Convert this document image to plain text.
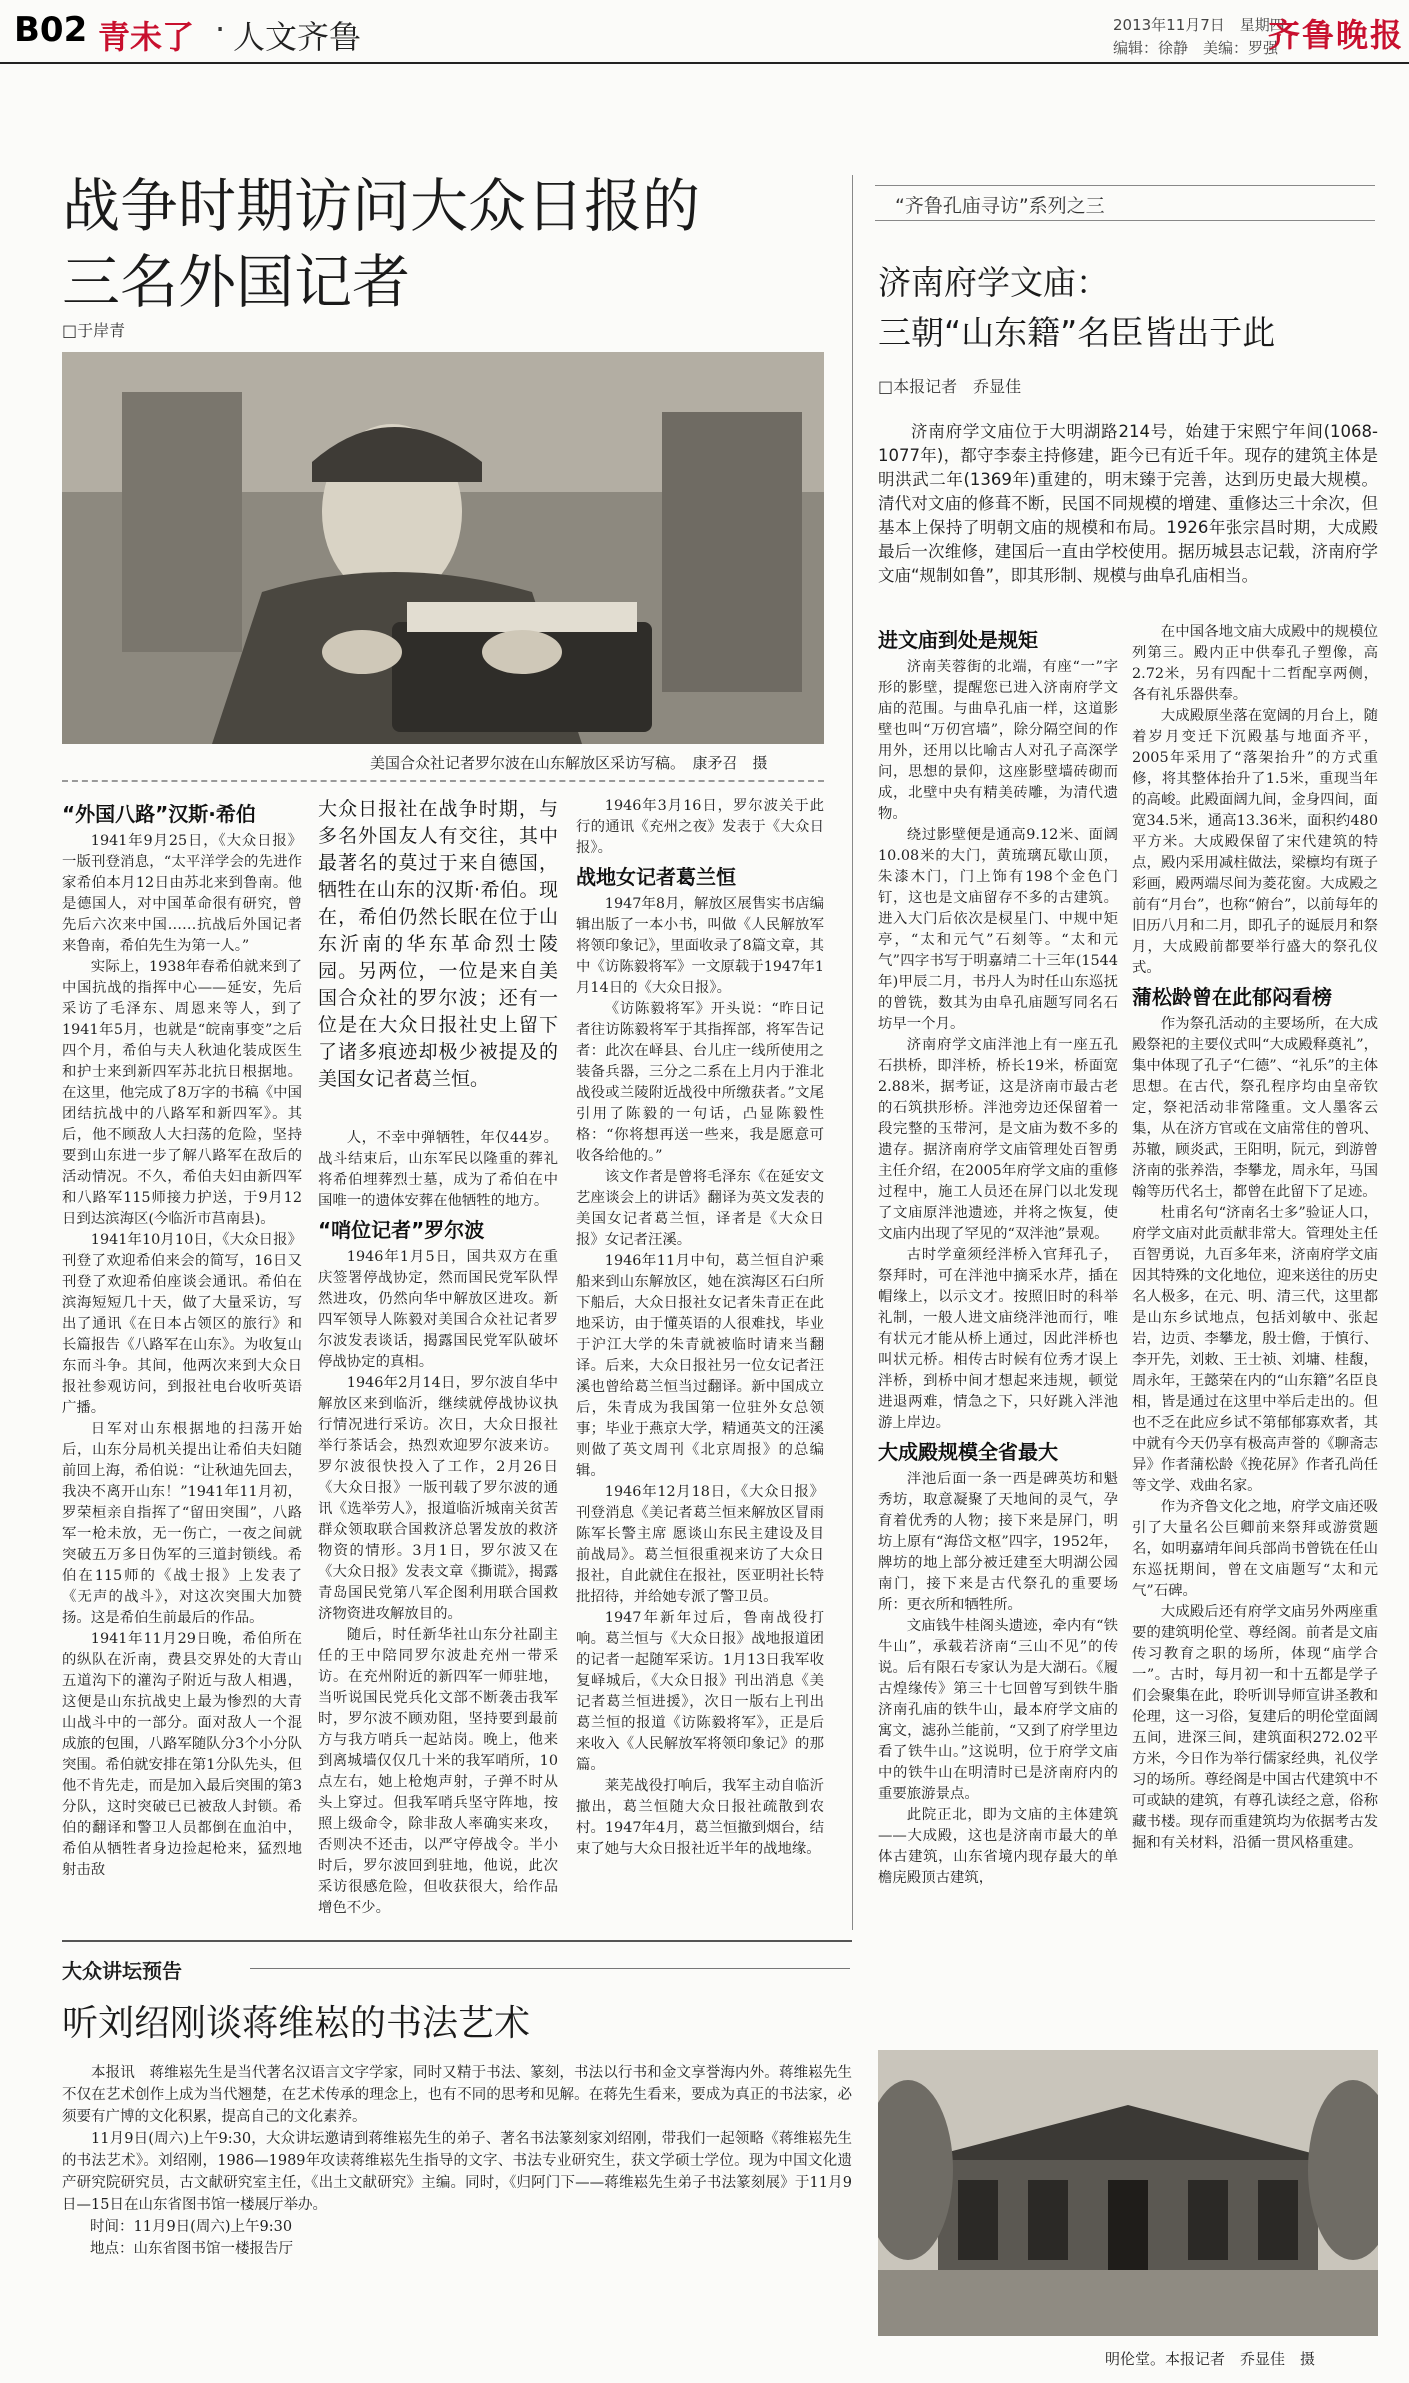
B02 青未了 · 人文齐鲁	2013年11月7日　星期四
编辑：徐静　美编：罗强
齐鲁晚报
战争时期访问大众日报的
三名外国记者
□于岸青
美国合众社记者罗尔波在山东解放区采访写稿。　康矛召　摄
“外国八路”汉斯·希伯

1941年9月25日，《大众日报》一版刊登消息，“太平洋学会的先进作家希伯本月12日由苏北来到鲁南。他是德国人，对中国革命很有研究，曾先后六次来中国……抗战后外国记者来鲁南，希伯先生为第一人。”

实际上，1938年春希伯就来到了中国抗战的指挥中心——延安，先后采访了毛泽东、周恩来等人，到了1941年5月，也就是“皖南事变”之后四个月，希伯与夫人秋迪化装成医生和护士来到新四军苏北抗日根据地。在这里，他完成了8万字的书稿《中国团结抗战中的八路军和新四军》。其后，他不顾敌人大扫荡的危险，坚持要到山东进一步了解八路军在敌后的活动情况。不久，希伯夫妇由新四军和八路军115师接力护送，于9月12日到达滨海区(今临沂市莒南县)。

1941年10月10日，《大众日报》刊登了欢迎希伯来会的简写，16日又刊登了欢迎希伯座谈会通讯。希伯在滨海短短几十天，做了大量采访，写出了通讯《在日本占领区的旅行》和长篇报告《八路军在山东》。为收复山东而斗争。其间，他两次来到大众日报社参观访问，到报社电台收听英语广播。

日军对山东根据地的扫荡开始后，山东分局机关提出让希伯夫妇随前回上海，希伯说：“让秋迪先回去，我决不离开山东！”1941年11月初，罗荣桓亲自指挥了“留田突围”，八路军一枪未放，无一伤亡，一夜之间就突破五万多日伪军的三道封锁线。希伯在115师的《战士报》上发表了《无声的战斗》，对这次突围大加赞扬。这是希伯生前最后的作品。

1941年11月29日晚，希伯所在的纵队在沂南，费县交界处的大青山五道沟下的灌沟子附近与敌人相遇，这便是山东抗战史上最为惨烈的大青山战斗中的一部分。面对敌人一个混成旅的包围，八路军随队分3个小分队突围。希伯就安排在第1分队先头，但他不肯先走，而是加入最后突围的第3分队，这时突破已已被敌人封锁。希伯的翻译和警卫人员都倒在血泊中，希伯从牺牲者身边捡起枪来，猛烈地射击敌

大众日报社在战争时期，与多名外国友人有交往，其中最著名的莫过于来自德国，牺牲在山东的汉斯·希伯。现在，希伯仍然长眠在位于山东沂南的华东革命烈士陵园。另两位，一位是来自美国合众社的罗尔波；还有一位是在大众日报社史上留下了诸多痕迹却极少被提及的美国女记者葛兰恒。

人，不幸中弹牺牲，年仅44岁。战斗结束后，山东军民以隆重的葬礼将希伯埋葬烈士墓，成为了希伯在中国唯一的遗体安葬在他牺牲的地方。

“哨位记者”罗尔波

1946年1月5日，国共双方在重庆签署停战协定，然而国民党军队悍然进攻，仍然向华中解放区进攻。新四军领导人陈毅对美国合众社记者罗尔波发表谈话，揭露国民党军队破坏停战协定的真相。

1946年2月14日，罗尔波自华中解放区来到临沂，继续就停战协议执行情况进行采访。次日，大众日报社举行茶话会，热烈欢迎罗尔波来访。罗尔波很快投入了工作，2月26日《大众日报》一版刊载了罗尔波的通讯《选举劳人》，报道临沂城南关贫苦群众领取联合国救济总署发放的救济物资的情形。3月1日，罗尔波又在《大众日报》发表文章《撕谎》，揭露青岛国民党第八军企图利用联合国救济物资进攻解放目的。

随后，时任新华社山东分社副主任的王中陪同罗尔波赴充州一带采访。在充州附近的新四军一师驻地，当听说国民党兵化文部不断袭击我军时，罗尔波不顾劝阻，坚持要到最前方与我方哨兵一起站岗。晚上，他来到离城墙仅仅几十米的我军哨所，10点左右，她上枪炮声射，子弹不时从头上穿过。但我军哨兵坚守阵地，按照上级命令，除非敌人率确实来攻，否则决不还击，以严守停战令。半小时后，罗尔波回到驻地，他说，此次采访很感危险，但收获很大，给作品增色不少。

1946年3月16日，罗尔波关于此行的通讯《充州之夜》发表于《大众日报》。

战地女记者葛兰恒

1947年8月，解放区展售实书店编辑出版了一本小书，叫做《人民解放军将领印象记》，里面收录了8篇文章，其中《访陈毅将军》一文原载于1947年1月14日的《大众日报》。

《访陈毅将军》开头说：“昨日记者往访陈毅将军于其指挥部，将军告记者：此次在峄县、台儿庄一线所使用之装备兵器，三分之二系在上月内于淮北战役或兰陵附近战役中所缴获者。”文尾引用了陈毅的一句话，凸显陈毅性格：“你将想再送一些来，我是愿意可收各给他的。”

该文作者是曾将毛泽东《在延安文艺座谈会上的讲话》翻译为英文发表的美国女记者葛兰恒，译者是《大众日报》女记者汪溪。

1946年11月中旬，葛兰恒自沪乘船来到山东解放区，她在滨海区石臼所下船后，大众日报社女记者朱青正在此地采访，由于懂英语的人很难找，毕业于沪江大学的朱青就被临时请来当翻译。后来，大众日报社另一位女记者汪溪也曾给葛兰恒当过翻译。新中国成立后，朱青成为我国第一位驻外女总领事；毕业于燕京大学，精通英文的汪溪则做了英文周刊《北京周报》的总编辑。

1946年12月18日，《大众日报》刊登消息《美记者葛兰恒来解放区冒雨陈军长警主席 愿谈山东民主建设及目前战局》。葛兰恒很重视来访了大众日报社，自此就住在报社，医亚明社长特批招待，并给她专派了警卫员。

1947年新年过后，鲁南战役打响。葛兰恒与《大众日报》战地报道团的记者一起随军采访。1月13日我军收复峄城后，《大众日报》刊出消息《美记者葛兰恒进援》，次日一版右上刊出葛兰恒的报道《访陈毅将军》，正是后来收入《人民解放军将领印象记》的那篇。

莱芜战役打响后，我军主动自临沂撤出，葛兰恒随大众日报社疏散到农村。1947年4月，葛兰恒撤到烟台，结束了她与大众日报社近半年的战地缘。

“齐鲁孔庙寻访”系列之三
济南府学文庙：
三朝“山东籍”名臣皆出于此
□本报记者　乔显佳

济南府学文庙位于大明湖路214号，始建于宋熙宁年间(1068-1077年)，都守李泰主持修建，距今已有近千年。现存的建筑主体是明洪武二年(1369年)重建的，明末臻于完善，达到历史最大规模。清代对文庙的修葺不断，民国不同规模的增建、重修达三十余次，但基本上保持了明朝文庙的规模和布局。1926年张宗昌时期，大成殿最后一次维修，建国后一直由学校使用。据历城县志记载，济南府学文庙“规制如鲁”，即其形制、规模与曲阜孔庙相当。

进文庙到处是规矩

济南芙蓉街的北端，有座“一”字形的影壁，提醒您已进入济南府学文庙的范围。与曲阜孔庙一样，这道影壁也叫“万仞宫墙”，除分隔空间的作用外，还用以比喻古人对孔子高深学问，思想的景仰，这座影壁墙砖砌而成，北壁中央有精美砖雕，为清代遗物。

绕过影壁便是通高9.12米、面阔10.08米的大门，黄琉璃瓦歇山顶，朱漆木门，门上饰有198个金色门钉，这也是文庙留存不多的古建筑。进入大门后依次是棂星门、中规中矩亭，“太和元气”石刻等。“太和元气”四字书写于明嘉靖二十三年(1544年)甲辰二月，书丹人为时任山东巡抚的曾铣，数其为由阜孔庙题写同名石坊早一个月。

济南府学文庙泮池上有一座五孔石拱桥，即泮桥，桥长19米，桥面宽2.88米，据考证，这是济南市最古老的石筑拱形桥。泮池旁边还保留着一段完整的玉带河，是文庙为数不多的遗存。据济南府学文庙管理处百智勇主任介绍，在2005年府学文庙的重修过程中，施工人员还在屏门以北发现了文庙原泮池遗迹，并将之恢复，使文庙内出现了罕见的“双泮池”景观。

古时学童须经泮桥入官拜孔子，祭拜时，可在泮池中摘采水芹，插在帽缘上，以示文才。按照旧时的科举礼制，一般人进文庙绕泮池而行，唯有状元才能从桥上通过，因此泮桥也叫状元桥。相传古时候有位秀才误上泮桥，到桥中间才想起来违规，顿觉进退两难，情急之下，只好跳入泮池游上岸边。

大成殿规模全省最大

泮池后面一条一西是碑英坊和魁秀坊，取意凝聚了天地间的灵气，孕育着优秀的人物；接下来是屏门，明坊上原有“海岱文枢”四字，1952年，牌坊的地上部分被迁建至大明湖公园南门，接下来是古代祭孔的重要场所：更衣所和牺牲所。

文庙钱牛桂阁头遗迹，牵内有“铁牛山”，承载若济南“三山不见”的传说。后有限石专家认为是大湖石。《履古煌缘传》第三十七回曾写到铁牛脂济南孔庙的铁牛山，最本府学文庙的寓文，滤孙兰能前，“又到了府学里边看了铁牛山。”这说明，位于府学文庙中的铁牛山在明清时已是济南府内的重要旅游景点。

此院正北，即为文庙的主体建筑——大成殿，这也是济南市最大的单体古建筑，山东省境内现存最大的单檐庑殿顶古建筑，

在中国各地文庙大成殿中的规模位列第三。殿内正中供奉孔子塑像，高2.72米，另有四配十二哲配享两侧，各有礼乐器供奉。

大成殿原坐落在宽阔的月台上，随着岁月变迁下沉殿基与地面齐平，2005年采用了“落架抬升”的方式重修，将其整体抬升了1.5米，重现当年的高峻。此殿面阔九间，金身四间，面宽34.5米，通高13.36米，面积约480平方米。大成殿保留了宋代建筑的特点，殿内采用减柱做法，梁檩均有斑子彩画，殿两端尽间为菱花窗。大成殿之前有“月台”，也称“俯台”，以前每年的旧历八月和二月，即孔子的诞辰月和祭月，大成殿前都要举行盛大的祭孔仪式。

蒲松龄曾在此郁闷看榜

作为祭孔活动的主要场所，在大成殿祭祀的主要仪式叫“大成殿释奠礼”，集中体现了孔子“仁德”、“礼乐”的主体思想。在古代，祭孔程序均由皇帝钦定，祭祀活动非常隆重。文人墨客云集，从在济方官或在文庙常住的曾巩、苏辙，顾炎武，王阳明，阮元，到游曾济南的张养浩，李攀龙，周永年，马国翰等历代名士，都曾在此留下了足迹。

杜甫名句“济南名士多”验证人口，府学文庙对此贡献非常大。管理处主任百智勇说，九百多年来，济南府学文庙因其特殊的文化地位，迎来送往的历史名人极多，在元、明、清三代，这里都是山东乡试地点，包括刘敏中、张起岩，边贡、李攀龙，殷士儋，于慎行、李开先，刘敕、王士祯、刘墉、桂馥，周永年，王懿荣在内的“山东籍”名臣良相，皆是通过在这里中举后走出的。但也不乏在此应乡试不第郁郁寡欢者，其中就有今天仍享有极高声誉的《聊斋志异》作者蒲松龄《挽花屏》作者孔尚任等文学、戏曲名家。

作为齐鲁文化之地，府学文庙还吸引了大量名公巨卿前来祭拜或游赏题名，如明嘉靖年间兵部尚书曾铣在任山东巡抚期间，曾在文庙题写“太和元气”石碑。

大成殿后还有府学文庙另外两座重要的建筑明伦堂、尊经阁。前者是文庙传习教育之职的场所，体现“庙学合一”。古时，每月初一和十五都是学子们会聚集在此，聆听训导师宣讲圣教和伦理，这一习俗，复建后的明伦堂面阔五间，进深三间，建筑面积272.02平方米，今日作为举行儒家经典，礼仪学习的场所。尊经阁是中国古代建筑中不可或缺的建筑，有尊孔读经之意，俗称藏书楼。现存而重建筑均为依据考古发掘和有关材料，沿循一贯风格重建。

明伦堂。本报记者　乔显佳　摄
大众讲坛预告
听刘绍刚谈蒋维崧的书法艺术

本报讯　蒋维崧先生是当代著名汉语言文字学家，同时又精于书法、篆刻，书法以行书和金文享誉海内外。蒋维崧先生不仅在艺术创作上成为当代翘楚，在艺术传承的理念上，也有不同的思考和见解。在蒋先生看来，要成为真正的书法家，必须要有广博的文化积累，提高自己的文化素养。

11月9日(周六)上午9:30，大众讲坛邀请到蒋维崧先生的弟子、著名书法篆刻家刘绍刚，带我们一起领略《蒋维崧先生的书法艺术》。刘绍刚，1986—1989年攻读蒋维崧先生指导的文字、书法专业研究生，获文学硕士学位。现为中国文化遗产研究院研究员，古文献研究室主任，《出土文献研究》主编。同时，《归阿门下——蒋维崧先生弟子书法篆刻展》于11月9日—15日在山东省图书馆一楼展厅举办。

时间：11月9日(周六)上午9:30
地点：山东省图书馆一楼报告厅
